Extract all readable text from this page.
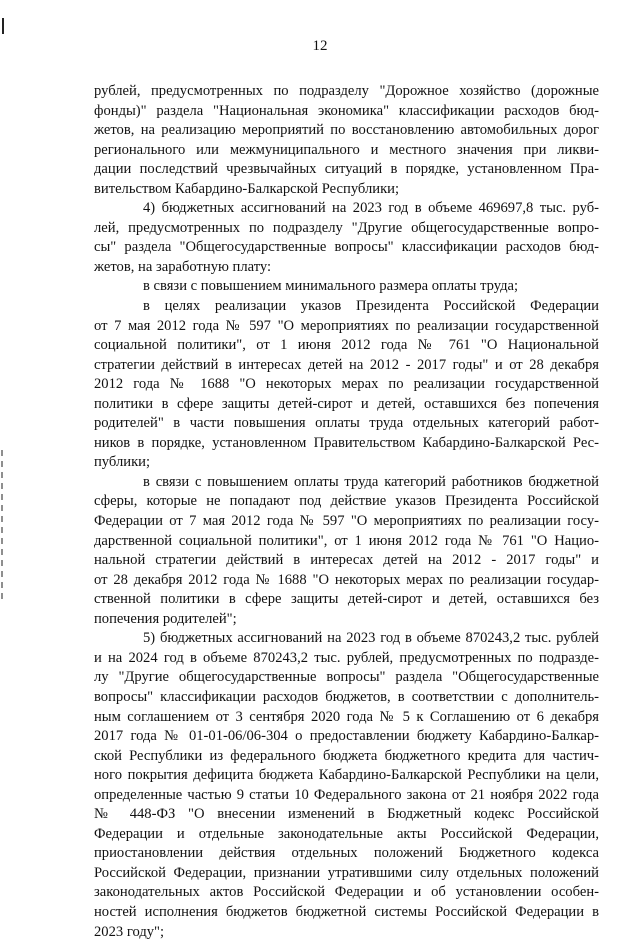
12
рублей, предусмотренных по подразделу "Дорожное хозяйство (дорожные
фонды)" раздела "Национальная экономика" классификации расходов бюд-
жетов, на реализацию мероприятий по восстановлению автомобильных дорог
регионального или межмуниципального и местного значения при ликви-
дации последствий чрезвычайных ситуаций в порядке, установленном Пра-
вительством Кабардино-Балкарской Республики;
4) бюджетных ассигнований на 2023 год в объеме 469697,8 тыс. руб-
лей, предусмотренных по подразделу "Другие общегосударственные вопро-
сы" раздела "Общегосударственные вопросы" классификации расходов бюд-
жетов, на заработную плату:
в связи с повышением минимального размера оплаты труда;
в целях реализации указов Президента Российской Федерации
от 7 мая 2012 года № 597 "О мероприятиях по реализации государственной
социальной политики", от 1 июня 2012 года № 761 "О Национальной
стратегии действий в интересах детей на 2012 - 2017 годы" и от 28 декабря
2012 года № 1688 "О некоторых мерах по реализации государственной
политики в сфере защиты детей-сирот и детей, оставшихся без попечения
родителей" в части повышения оплаты труда отдельных категорий работ-
ников в порядке, установленном Правительством Кабардино-Балкарской Рес-
публики;
в связи с повышением оплаты труда категорий работников бюджетной
сферы, которые не попадают под действие указов Президента Российской
Федерации от 7 мая 2012 года № 597 "О мероприятиях по реализации госу-
дарственной социальной политики", от 1 июня 2012 года № 761 "О Нацио-
нальной стратегии действий в интересах детей на 2012 - 2017 годы" и
от 28 декабря 2012 года № 1688 "О некоторых мерах по реализации государ-
ственной политики в сфере защиты детей-сирот и детей, оставшихся без
попечения родителей";
5) бюджетных ассигнований на 2023 год в объеме 870243,2 тыс. рублей
и на 2024 год в объеме 870243,2 тыс. рублей, предусмотренных по подразде-
лу "Другие общегосударственные вопросы" раздела "Общегосударственные
вопросы" классификации расходов бюджетов, в соответствии с дополнитель-
ным соглашением от 3 сентября 2020 года № 5 к Соглашению от 6 декабря
2017 года № 01-01-06/06-304 о предоставлении бюджету Кабардино-Балкар-
ской Республики из федерального бюджета бюджетного кредита для частич-
ного покрытия дефицита бюджета Кабардино-Балкарской Республики на цели,
определенные частью 9 статьи 10 Федерального закона от 21 ноября 2022 года
№ 448-ФЗ "О внесении изменений в Бюджетный кодекс Российской
Федерации и отдельные законодательные акты Российской Федерации,
приостановлении действия отдельных положений Бюджетного кодекса
Российской Федерации, признании утратившими силу отдельных положений
законодательных актов Российской Федерации и об установлении особен-
ностей исполнения бюджетов бюджетной системы Российской Федерации в
2023 году";
